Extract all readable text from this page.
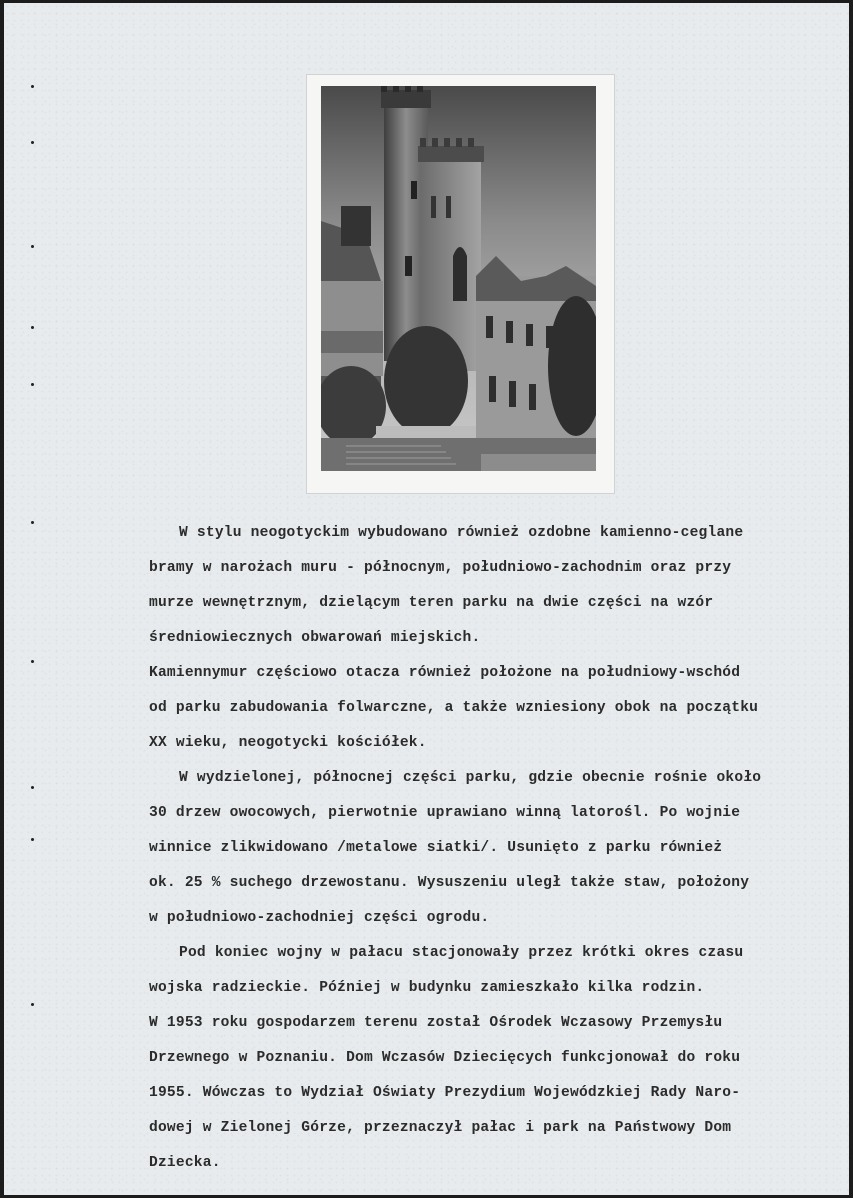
W stylu neogotyckim wybudowano również ozdobne kamienno-ceglane
bramy w narożach muru - północnym, południowo-zachodnim oraz przy
murze wewnętrznym, dzielącym teren parku na dwie części na wzór
średniowiecznych obwarowań miejskich.
Kamiennymur częściowo otacza również położone na południowy-wschód
od parku zabudowania folwarczne, a także wzniesiony obok na początku
XX wieku, neogotycki kościółek.
W wydzielonej, północnej części parku, gdzie obecnie rośnie około
30 drzew owocowych, pierwotnie uprawiano winną latorośl. Po wojnie
winnice zlikwidowano /metalowe siatki/. Usunięto z parku również
ok. 25 % suchego drzewostanu. Wysuszeniu uległ także staw, położony
w południowo-zachodniej części ogrodu.
Pod koniec wojny w pałacu stacjonowały przez krótki okres czasu
wojska radzieckie. Później w budynku zamieszkało kilka rodzin.
W 1953 roku gospodarzem terenu został Ośrodek Wczasowy Przemysłu
Drzewnego w Poznaniu. Dom Wczasów Dziecięcych funkcjonował do roku
1955. Wówczas to Wydział Oświaty Prezydium Wojewódzkiej Rady Naro-
dowej w Zielonej Górze, przeznaczył pałac i park na Państwowy Dom
Dziecka.
